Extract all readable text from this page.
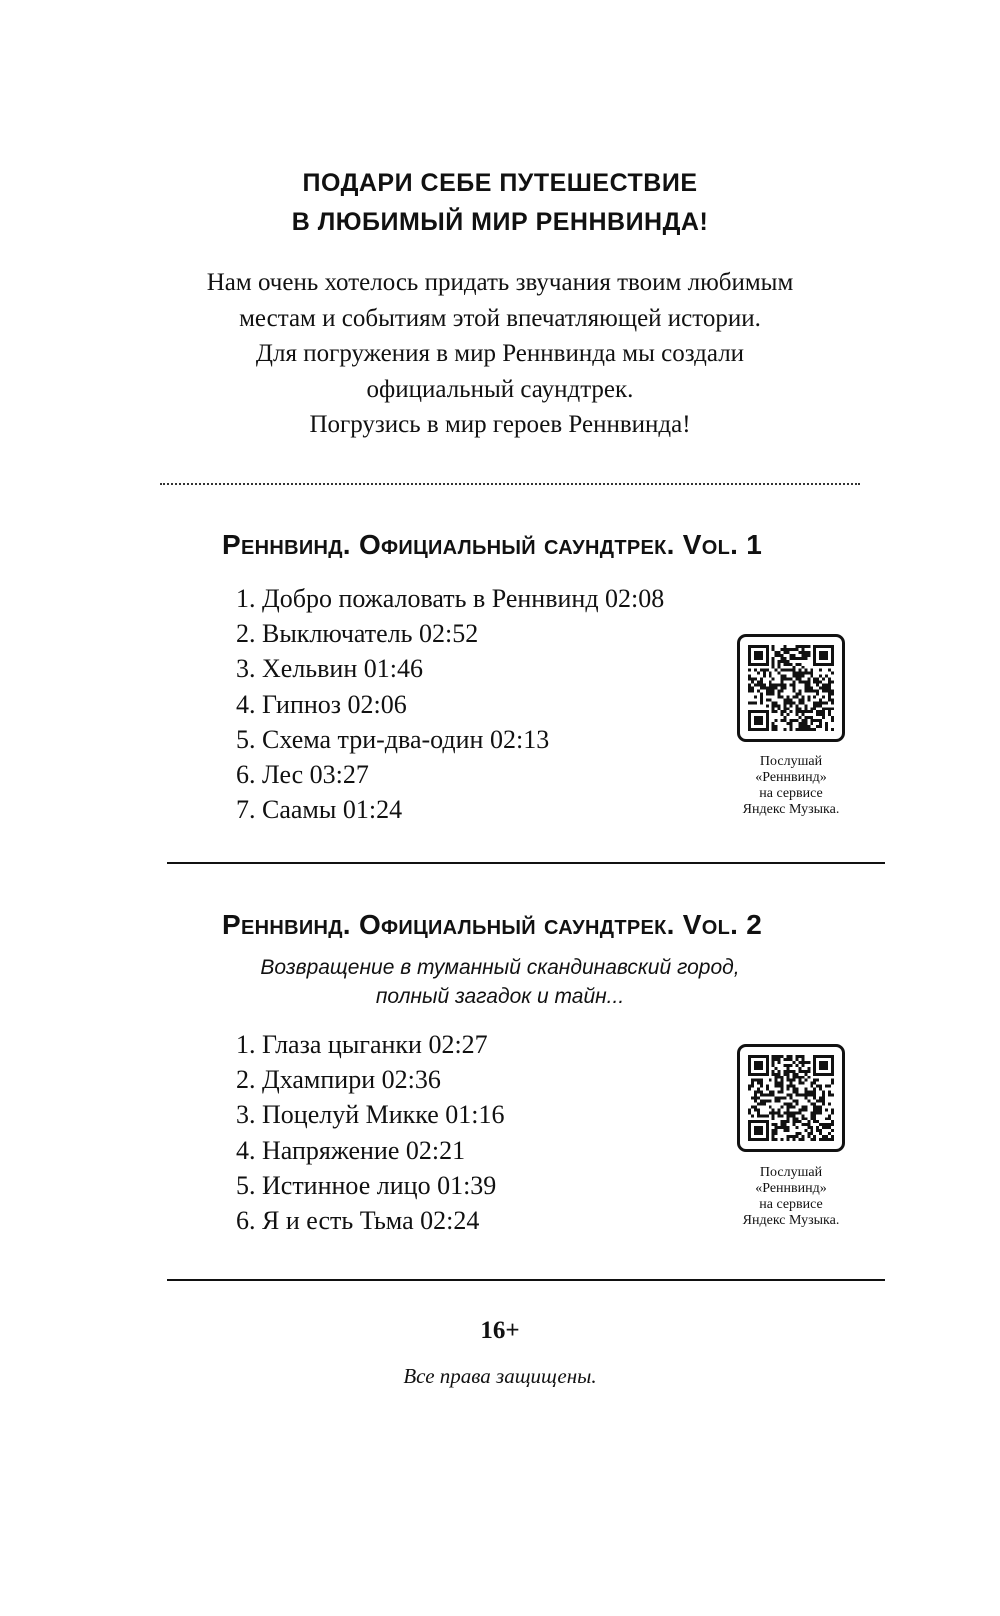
ПОДАРИ СЕБЕ ПУТЕШЕСТВИЕ
В ЛЮБИМЫЙ МИР РЕННВИНДА!
Нам очень хотелось придать звучания твоим любимым
местам и событиям этой впечатляющей истории.
Для погружения в мир Реннвинда мы создали
официальный саундтрек.
Погрузись в мир героев Реннвинда!
Реннвинд. Официальный саундтрек. Vol. 1
1. Добро пожаловать в Реннвинд 02:08
2. Выключатель 02:52
3. Хельвин 01:46
4. Гипноз 02:06
5. Схема три-два-один 02:13
6. Лес 03:27
7. Саамы 01:24
Послушай
«Реннвинд»
на сервисе
Яндекс Музыка.
Реннвинд. Официальный саундтрек. Vol. 2
Возвращение в туманный скандинавский город,
полный загадок и тайн...
1. Глаза цыганки 02:27
2. Дхампири 02:36
3. Поцелуй Микке 01:16
4. Напряжение 02:21
5. Истинное лицо 01:39
6. Я и есть Тьма 02:24
Послушай
«Реннвинд»
на сервисе
Яндекс Музыка.
16+
Все права защищены.
